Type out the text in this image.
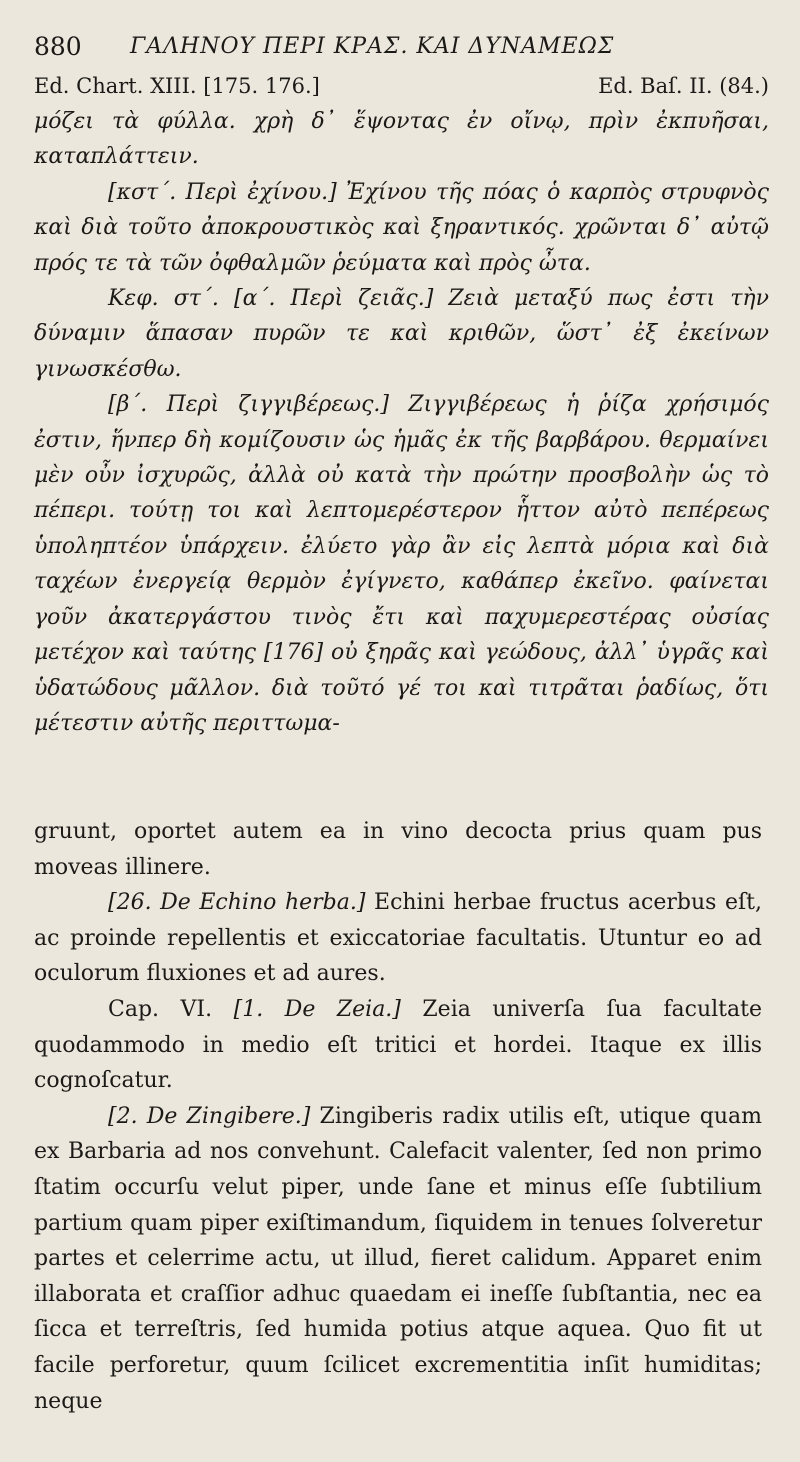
880 ΓΑΛΗΝΟΥ ΠΕΡΙ ΚΡΑΣ. ΚΑΙ ΔΥΝΑΜΕΩΣ
Ed. Chart. XIII. [175. 176.]	Ed. Baſ. II. (84.)

μόζει τὰ φύλλα. χρὴ δ᾽ ἕψοντας ἐν οἴνῳ, πρὶν ἐκπυῆσαι, καταπλάττειν.

[κστ΄. Περὶ ἐχίνου.] Ἐχίνου τῆς πόας ὁ καρπὸς στρυφνὸς καὶ διὰ τοῦτο ἀποκρουστικὸς καὶ ξηραντικός. χρῶνται δ᾽ αὐτῷ πρός τε τὰ τῶν ὀφθαλμῶν ῥεύματα καὶ πρὸς ὦτα.

Κεφ. στ΄. [α΄. Περὶ ζειᾶς.] Ζειὰ μεταξύ πως ἐστι τὴν δύναμιν ἅπασαν πυρῶν τε καὶ κριθῶν, ὥστ᾽ ἐξ ἐκείνων γινωσκέσθω.

[β΄. Περὶ ζιγγιβέρεως.] Ζιγγιβέρεως ἡ ῥίζα χρήσιμός ἐστιν, ἥνπερ δὴ κομίζουσιν ὡς ἡμᾶς ἐκ τῆς βαρβάρου. θερμαίνει μὲν οὖν ἰσχυρῶς, ἀλλὰ οὐ κατὰ τὴν πρώτην προσβολὴν ὡς τὸ πέπερι. τούτῃ τοι καὶ λεπτομερέστερον ἧττον αὐτὸ πεπέρεως ὑποληπτέον ὑπάρχειν. ἐλύετο γὰρ ἂν εἰς λεπτὰ μόρια καὶ διὰ ταχέων ἐνεργείᾳ θερμὸν ἐγίγνετο, καθάπερ ἐκεῖνο. φαίνεται γοῦν ἀκατεργάστου τινὸς ἔτι καὶ παχυμερεστέρας οὐσίας μετέχον καὶ ταύτης [176] οὐ ξηρᾶς καὶ γεώδους, ἀλλ᾽ ὑγρᾶς καὶ ὑδατώδους μᾶλλον. διὰ τοῦτό γέ τοι καὶ τιτρᾶται ῥαδίως, ὅτι μέτεστιν αὐτῆς περιττωμα-

gruunt, oportet autem ea in vino decocta prius quam pus moveas illinere.

[26. De Echino herba.] Echini herbae fructus acerbus eſt, ac proinde repellentis et exiccatoriae facultatis. Utuntur eo ad oculorum fluxiones et ad aures.

Cap. VI. [1. De Zeia.] Zeia univerſa ſua facultate quodammodo in medio eſt tritici et hordei. Itaque ex illis cognoſcatur.

[2. De Zingibere.] Zingiberis radix utilis eſt, utique quam ex Barbaria ad nos convehunt. Calefacit valenter, ſed non primo ſtatim occurſu velut piper, unde ſane et minus eſſe ſubtilium partium quam piper exiſtimandum, ſiquidem in tenues ſolveretur partes et celerrime actu, ut illud, fieret calidum. Apparet enim illaborata et craſſior adhuc quaedam ei ineſſe ſubſtantia, nec ea ſicca et terreſtris, ſed humida potius atque aquea. Quo fit ut facile perforetur, quum ſcilicet excrementitia inſit humiditas; neque
